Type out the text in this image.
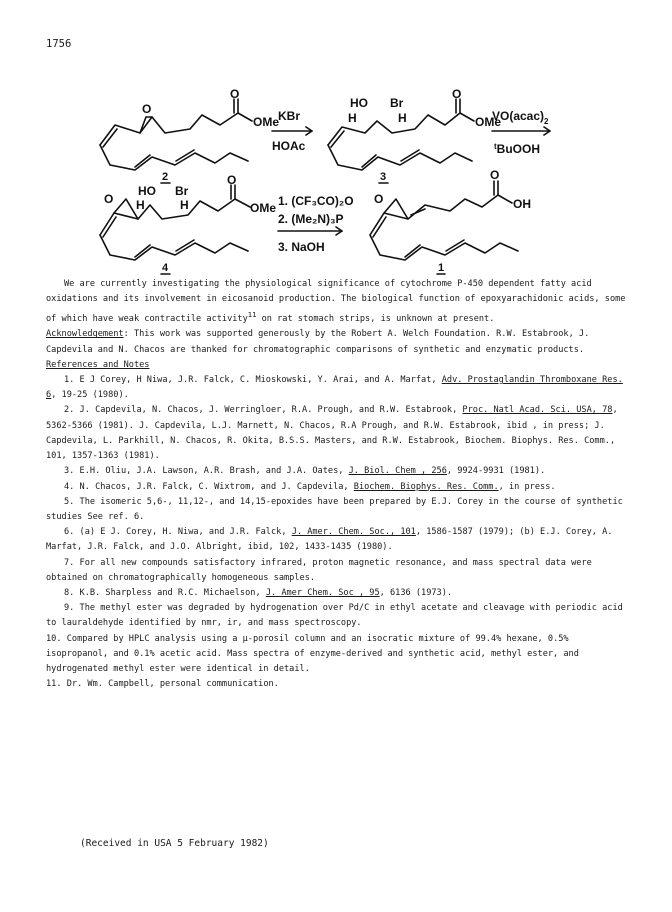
1756
O
O
OMe
2
KBr
HOAc
HO Br
H	H
O
OMe
3
$VO(acac)_2$
$^t$BuOOH
O
HO Br
H	H
O
OMe
4
1. (CF₃CO)₂O
2. (Me₂N)₃P
3. NaOH
O
O
OH
1

We are currently investigating the physiological significance of cytochrome P-450 dependent fatty acid oxidations and its involvement in eicosanoid production. The biological function of epoxyarachidonic acids, some of which have weak contractile activity$^{11}$ on rat stomach strips, is unknown at present.

Acknowledgement: This work was supported generously by the Robert A. Welch Foundation. R.W. Estabrook, J. Capdevila and N. Chacos are thanked for chromatographic comparisons of synthetic and enzymatic products.

References and Notes

1. E J Corey, H Niwa, J.R. Falck, C. Mioskowski, Y. Arai, and A. Marfat, Adv. Prostaglandin Thromboxane Res. 6, 19-25 (1980).
2. J. Capdevila, N. Chacos, J. Werringloer, R.A. Prough, and R.W. Estabrook, Proc. Natl Acad. Sci. USA, 78, 5362-5366 (1981). J. Capdevila, L.J. Marnett, N. Chacos, R.A Prough, and R.W. Estabrook, ibid , in press; J. Capdevila, L. Parkhill, N. Chacos, R. Okita, B.S.S. Masters, and R.W. Estabrook, Biochem. Biophys. Res. Comm., 101, 1357-1363 (1981).
3. E.H. Oliu, J.A. Lawson, A.R. Brash, and J.A. Oates, J. Biol. Chem , 256, 9924-9931 (1981).
4. N. Chacos, J.R. Falck, C. Wixtrom, and J. Capdevila, Biochem. Biophys. Res. Comm., in press.
5. The isomeric 5,6-, 11,12-, and 14,15-epoxides have been prepared by E.J. Corey in the course of synthetic studies See ref. 6.
6. (a) E J. Corey, H. Niwa, and J.R. Falck, J. Amer. Chem. Soc., 101, 1586-1587 (1979); (b) E.J. Corey, A. Marfat, J.R. Falck, and J.O. Albright, ibid, 102, 1433-1435 (1980).
7. For all new compounds satisfactory infrared, proton magnetic resonance, and mass spectral data were obtained on chromatographically homogeneous samples.
8. K.B. Sharpless and R.C. Michaelson, J. Amer Chem. Soc , 95, 6136 (1973).
9. The methyl ester was degraded by hydrogenation over Pd/C in ethyl acetate and cleavage with periodic acid to lauraldehyde identified by nmr, ir, and mass spectroscopy.
10. Compared by HPLC analysis using a μ-porosil column and an isocratic mixture of 99.4% hexane, 0.5% isopropanol, and 0.1% acetic acid. Mass spectra of enzyme-derived and synthetic acid, methyl ester, and hydrogenated methyl ester were identical in detail.
11. Dr. Wm. Campbell, personal communication.
(Received in USA 5 February 1982)
